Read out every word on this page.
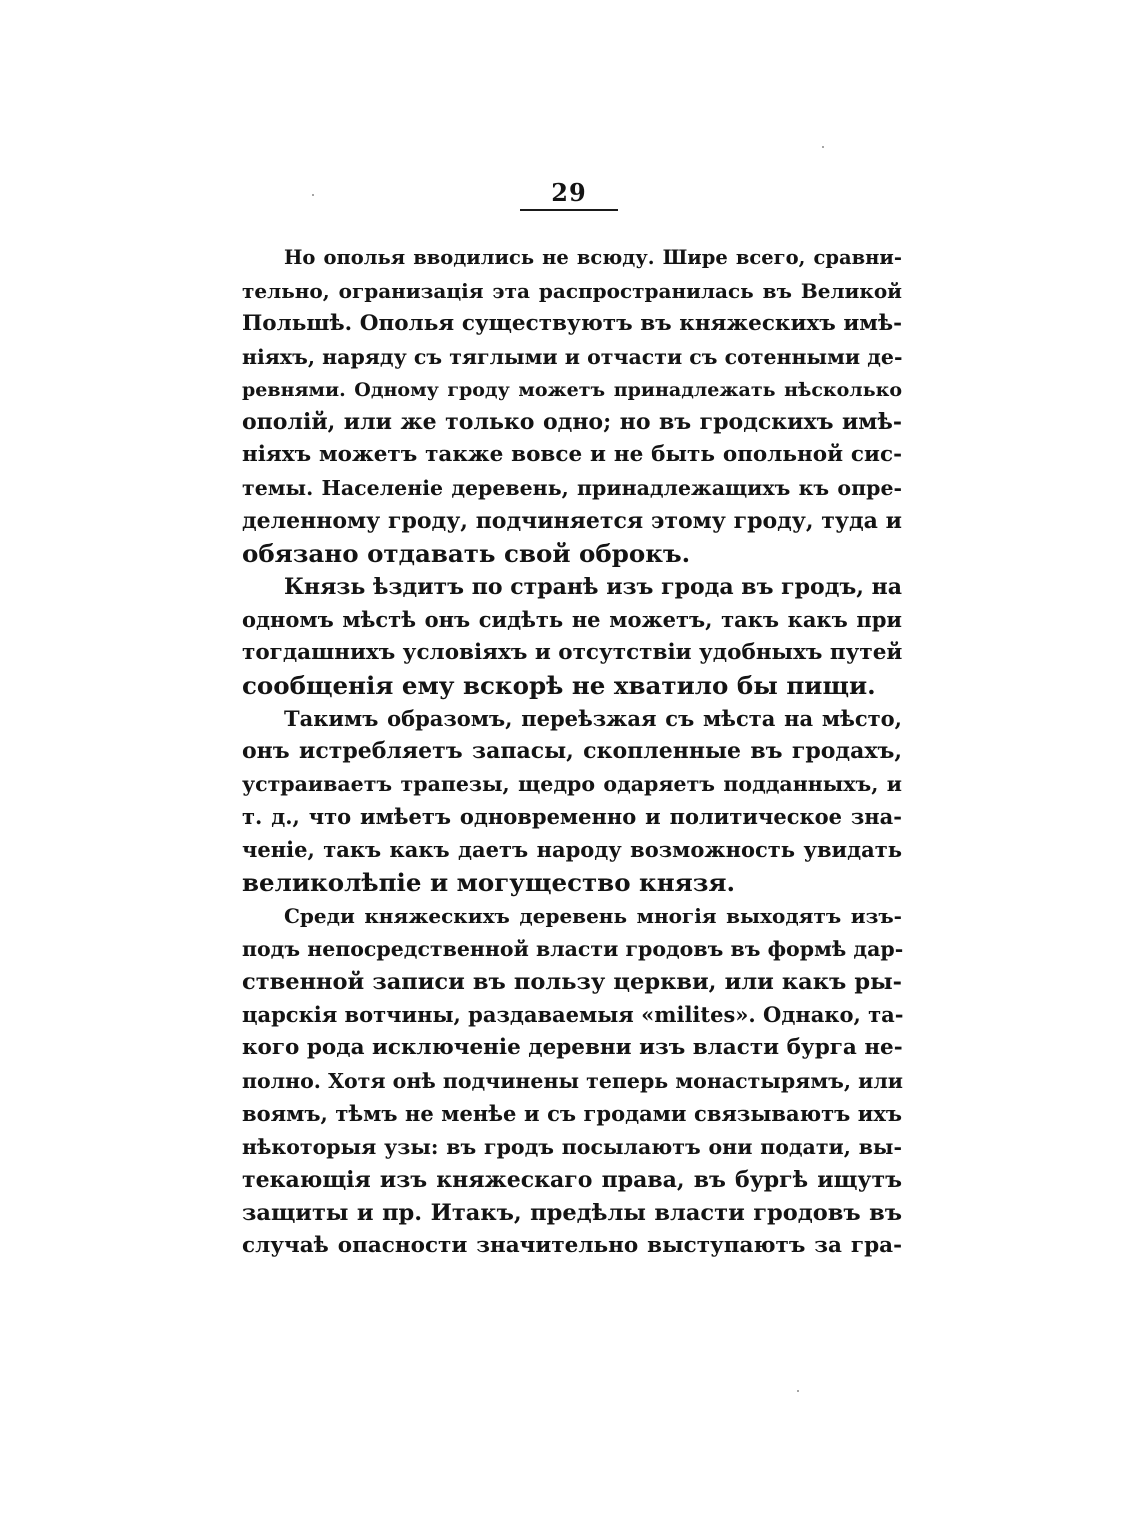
29
Но ополья вводились не всюду. Шире всего, сравни-
тельно, огранизацiя эта распространилась въ Великой
Польшѣ. Ополья существуютъ въ княжескихъ имѣ-
нiяхъ, наряду съ тяглыми и отчасти съ сотенными де-
ревнями. Одному гроду можетъ принадлежать нѣсколько
ополiй, или же только одно; но въ гродскихъ имѣ-
нiяхъ можетъ также вовсе и не быть опольной сис-
темы. Населенiе деревень, принадлежащихъ къ опре-
деленному гроду, подчиняется этому гроду, туда и
обязано отдавать свой оброкъ.
Князь ѣздитъ по странѣ изъ грода въ гродъ, на
одномъ мѣстѣ онъ сидѣть не можетъ, такъ какъ при
тогдашнихъ условiяхъ и отсутствiи удобныхъ путей
сообщенiя ему вскорѣ не хватило бы пищи.
Такимъ образомъ, переѣзжая съ мѣста на мѣсто,
онъ истребляетъ запасы, скопленные въ гродахъ,
устраиваетъ трапезы, щедро одаряетъ подданныхъ, и
т. д., что имѣетъ одновременно и политическое зна-
ченiе, такъ какъ даетъ народу возможность увидать
великолѣпiе и могущество князя.
Среди княжескихъ деревень многiя выходятъ изъ-
подъ непосредственной власти гродовъ въ формѣ дар-
ственной записи въ пользу церкви, или какъ ры-
царскiя вотчины, раздаваемыя «milites». Однако, та-
кого рода исключенiе деревни изъ власти бурга не-
полно. Хотя онѣ подчинены теперь монастырямъ, или
воямъ, тѣмъ не менѣе и съ гродами связываютъ ихъ
нѣкоторыя узы: въ гродъ посылаютъ они подати, вы-
текающiя изъ княжескаго права, въ бургѣ ищутъ
защиты и пр. Итакъ, предѣлы власти гродовъ въ
случаѣ опасности значительно выступаютъ за гра-
